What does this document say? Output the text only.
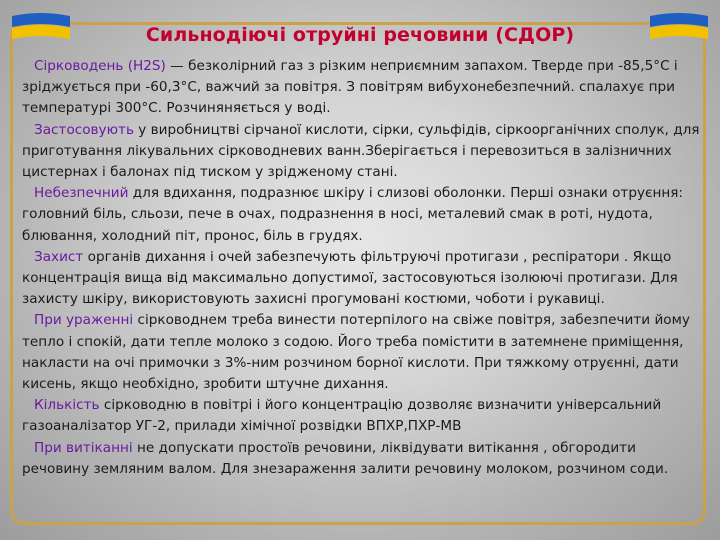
Сильнодіючі отруйні речовини (СДОР)

Сірководень (H2S) — безколірний газ з різким неприємним запахом. Тверде при -85,5°С і зріджується при -60,3°С, важчий за повітря. З повітрям вибухонебезпечний. спалахує при температурі 300°С. Розчиняняється у воді.

Застосовують у виробництві сірчаної кислоти, сірки, сульфідів, сіркоорганічних сполук, для приготування лікувальних сірководневих ванн.Зберігається і перевозиться в залізничних цистернах і балонах під тиском у зрідженому стані.

Небезпечний для вдихання, подразнює шкіру і слизові оболонки. Перші ознаки отруєння: головний біль, сльози, пече в очах, подразнення в носі, металевий смак в роті, нудота, блювання, холодний піт, пронос, біль в грудях.

Захист органів дихання і очей забезпечують фільтруючі протигази , респіратори . Якщо концентрація вища від максимально допустимої, застосовуються ізолюючі протигази. Для захисту шкіру, використовують захисні прогумовані костюми, чоботи і рукавиці.

При ураженні сірководнем треба винести потерпілого на свіже повітря, забезпечити йому тепло і спокій, дати тепле молоко з содою. Його треба помістити в затемнене приміщення, накласти на очі примочки з 3%-ним розчином борної кислоти. При тяжкому отруєнні, дати кисень, якщо необхідно, зробити штучне дихання.

Кількість сірководню в повітрі і його концентрацію дозволяє визначити універсальний газоаналізатор УГ-2, прилади хімічної розвідки ВПХР,ПХР-МВ

При витіканні не допускати простоїв речовини, ліквідувати витікання , обгородити речовину земляним валом. Для знезараження залити речовину молоком, розчином соди.
